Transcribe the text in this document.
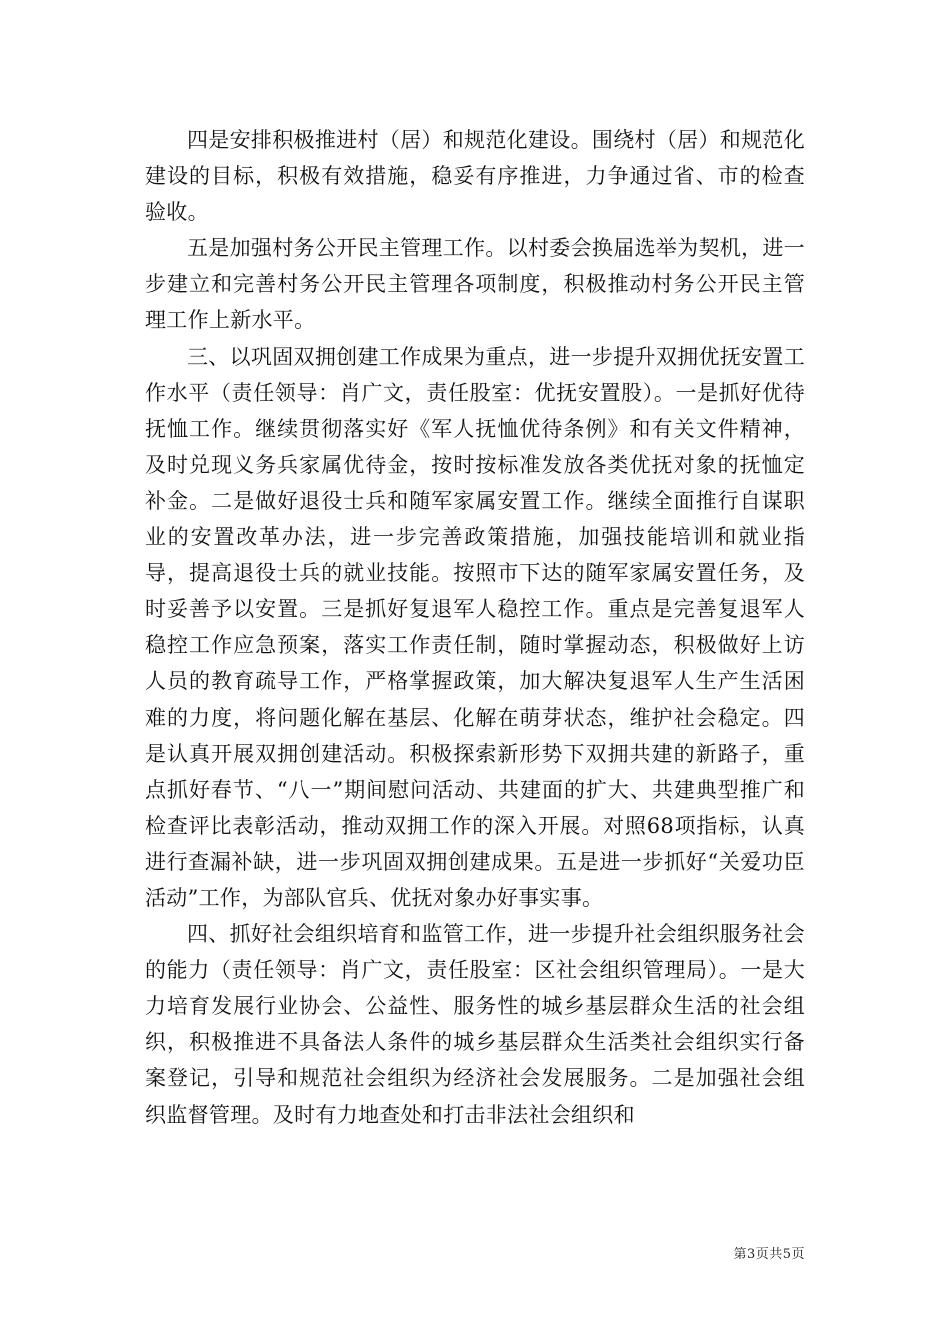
四是安排积极推进村（居）和规范化建设。围绕村（居）和规范化建设的目标，积极有效措施，稳妥有序推进，力争通过省、市的检查验收。

五是加强村务公开民主管理工作。以村委会换届选举为契机，进一步建立和完善村务公开民主管理各项制度，积极推动村务公开民主管理工作上新水平。

三、以巩固双拥创建工作成果为重点，进一步提升双拥优抚安置工作水平（责任领导：肖广文，责任股室：优抚安置股）。一是抓好优待抚恤工作。继续贯彻落实好《军人抚恤优待条例》和有关文件精神，及时兑现义务兵家属优待金，按时按标准发放各类优抚对象的抚恤定补金。二是做好退役士兵和随军家属安置工作。继续全面推行自谋职业的安置改革办法，进一步完善政策措施，加强技能培训和就业指导，提高退役士兵的就业技能。按照市下达的随军家属安置任务，及时妥善予以安置。三是抓好复退军人稳控工作。重点是完善复退军人稳控工作应急预案，落实工作责任制，随时掌握动态，积极做好上访人员的教育疏导工作，严格掌握政策，加大解决复退军人生产生活困难的力度，将问题化解在基层、化解在萌芽状态，维护社会稳定。四是认真开展双拥创建活动。积极探索新形势下双拥共建的新路子，重点抓好春节、“八一”期间慰问活动、共建面的扩大、共建典型推广和检查评比表彰活动，推动双拥工作的深入开展。对照68项指标，认真进行查漏补缺，进一步巩固双拥创建成果。五是进一步抓好“关爱功臣活动”工作，为部队官兵、优抚对象办好事实事。

四、抓好社会组织培育和监管工作，进一步提升社会组织服务社会的能力（责任领导：肖广文，责任股室：区社会组织管理局）。一是大力培育发展行业协会、公益性、服务性的城乡基层群众生活的社会组织，积极推进不具备法人条件的城乡基层群众生活类社会组织实行备案登记，引导和规范社会组织为经济社会发展服务。二是加强社会组织监督管理。及时有力地查处和打击非法社会组织和

第3页共5页
